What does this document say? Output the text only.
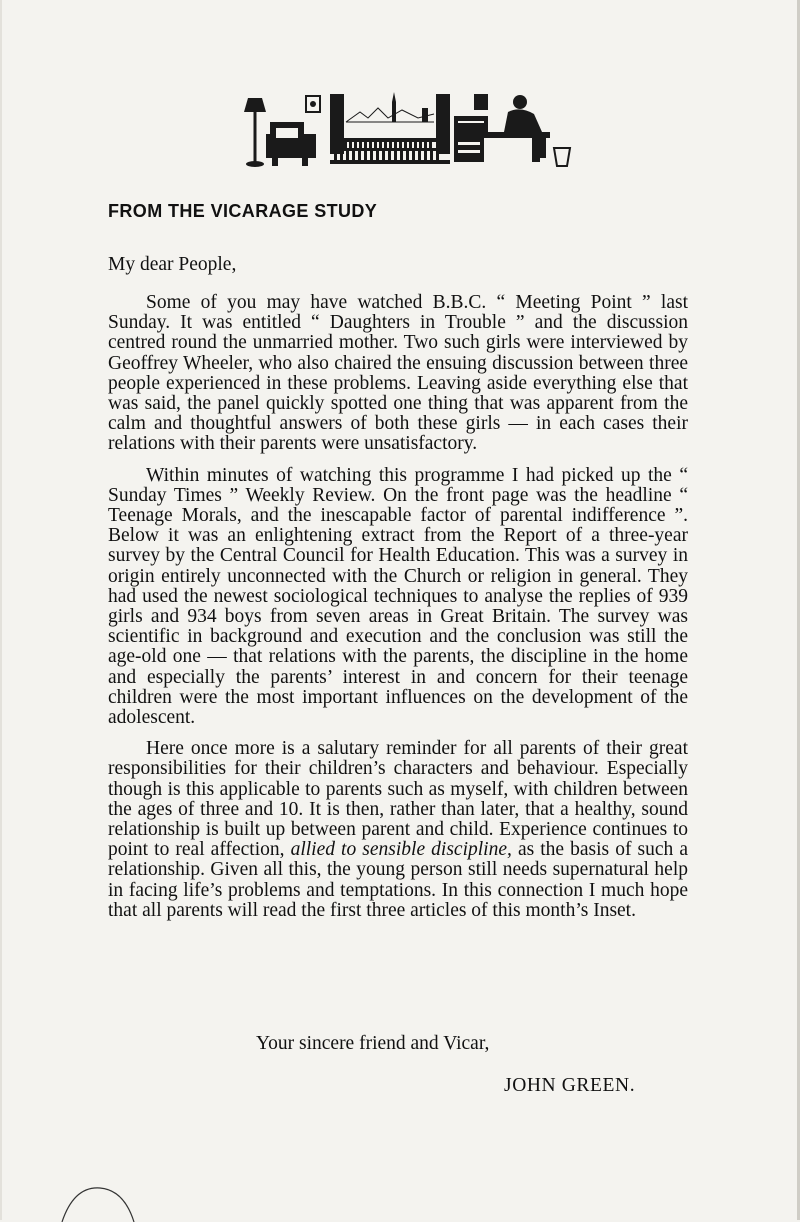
FROM THE VICARAGE STUDY

My dear People,

Some of you may have watched B.B.C. “ Meeting Point ” last Sunday. It was entitled “ Daughters in Trouble ” and the discussion centred round the unmarried mother. Two such girls were interviewed by Geoffrey Wheeler, who also chaired the ensuing discussion between three people experienced in these problems. Leaving aside everything else that was said, the panel quickly spotted one thing that was apparent from the calm and thoughtful answers of both these girls — in each cases their relations with their parents were unsatisfactory.

Within minutes of watching this programme I had picked up the “ Sunday Times ” Weekly Review. On the front page was the headline “ Teenage Morals, and the inescapable factor of parental indifference ”. Below it was an enlightening extract from the Report of a three-year survey by the Central Council for Health Education. This was a survey in origin entirely unconnected with the Church or religion in general. They had used the newest sociological techniques to analyse the replies of 939 girls and 934 boys from seven areas in Great Britain. The survey was scientific in background and execution and the conclusion was still the age-old one — that relations with the parents, the discipline in the home and especially the parents’ interest in and concern for their teenage children were the most important influences on the development of the adolescent.

Here once more is a salutary reminder for all parents of their great responsibilities for their children’s characters and behaviour. Especially though is this applicable to parents such as myself, with children between the ages of three and 10. It is then, rather than later, that a healthy, sound relationship is built up between parent and child. Experience continues to point to real affection, allied to sensible discipline, as the basis of such a relationship. Given all this, the young person still needs supernatural help in facing life’s problems and temptations. In this connection I much hope that all parents will read the first three articles of this month’s Inset.

Your sincere friend and Vicar,

JOHN GREEN.
